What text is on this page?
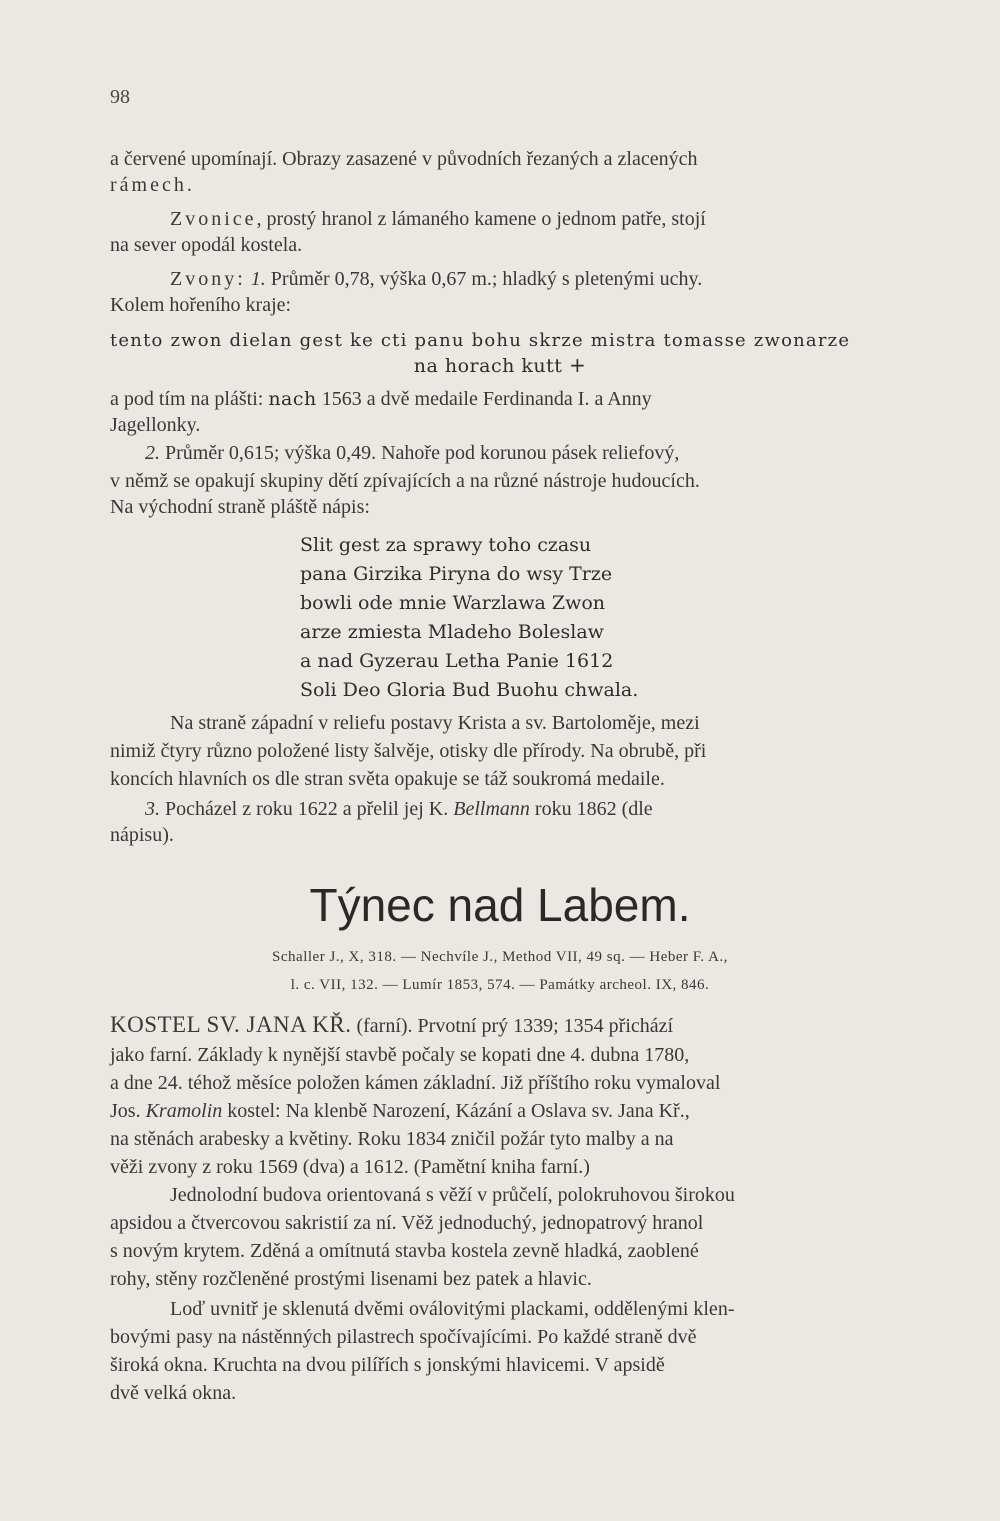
98
a červené upomínají. Obrazy zasazené v původních řezaných a zlacených
rámech.
Zvonice, prostý hranol z lámaného kamene o jednom patře, stojí
na sever opodál kostela.
Zvony: 1. Průměr 0,78, výška 0,67 m.; hladký s pletenými uchy.
Kolem hořeního kraje:
tento zwon dielan gest ke cti panu bohu skrze mistra tomasse zwonarze
na horach kutt +
a pod tím na plášti: nach 1563 a dvě medaile Ferdinanda I. a Anny
Jagellonky.
2. Průměr 0,615; výška 0,49. Nahoře pod korunou pásek reliefový,
v němž se opakují skupiny dětí zpívajících a na různé nástroje hudoucích.
Na východní straně pláště nápis:
Slit gest za sprawy toho czasu
pana Girzika Piryna do wsy Trze
bowli ode mnie Warzlawa Zwon
arze zmiesta Mladeho Boleslaw
a nad Gyzerau Letha Panie 1612
Soli Deo Gloria Bud Buohu chwala.
Na straně západní v reliefu postavy Krista a sv. Bartoloměje, mezi
nimiž čtyry různo položené listy šalvěje, otisky dle přírody. Na obrubě, při
koncích hlavních os dle stran světa opakuje se táž soukromá medaile.
3. Pocházel z roku 1622 a přelil jej K. Bellmann roku 1862 (dle
nápisu).
Týnec nad Labem.
Schaller J., X, 318. — Nechvíle J., Method VII, 49 sq. — Heber F. A.,
l. c. VII, 132. — Lumír 1853, 574. — Památky archeol. IX, 846.
KOSTEL SV. JANA KŘ. (farní). Prvotní prý 1339; 1354 přichází
jako farní. Základy k nynější stavbě počaly se kopati dne 4. dubna 1780,
a dne 24. téhož měsíce položen kámen základní. Již příštího roku vymaloval
Jos. Kramolin kostel: Na klenbě Narození, Kázání a Oslava sv. Jana Kř.,
na stěnách arabesky a květiny. Roku 1834 zničil požár tyto malby a na
věži zvony z roku 1569 (dva) a 1612. (Pamětní kniha farní.)
Jednolodní budova orientovaná s věží v průčelí, polokruhovou širokou
apsidou a čtvercovou sakristií za ní. Věž jednoduchý, jednopatrový hranol
s novým krytem. Zděná a omítnutá stavba kostela zevně hladká, zaoblené
rohy, stěny rozčleněné prostými lisenami bez patek a hlavic.
Loď uvnitř je sklenutá dvěmi oválovitými plackami, oddělenými klen-
bovými pasy na nástěnných pilastrech spočívajícími. Po každé straně dvě
široká okna. Kruchta na dvou pilířích s jonskými hlavicemi. V apsidě
dvě velká okna.
